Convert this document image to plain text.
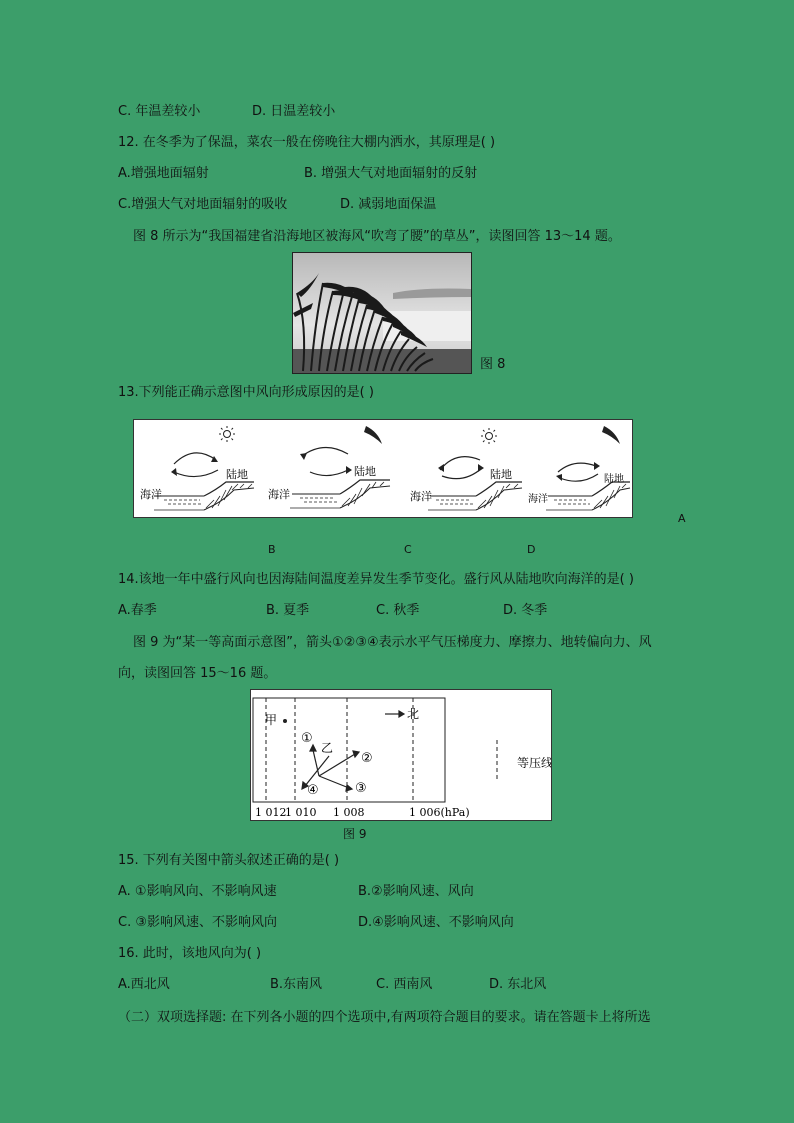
C. 年温差较小	D. 日温差较小
12. 在冬季为了保温，菜农一般在傍晚往大棚内洒水，其原理是( )
A.增强地面辐射	B. 增强大气对地面辐射的反射
C.增强大气对地面辐射的吸收	D. 减弱地面保温
图 8 所示为“我国福建省沿海地区被海风“吹弯了腰”的草丛”，读图回答 13～14 题。
图 8
13.下列能正确示意图中风向形成原因的是( )
海洋
陆地
海洋
陆地
海洋
陆地
海洋
陆地
A
B	C	D
14.该地一年中盛行风向也因海陆间温度差异发生季节变化。盛行风从陆地吹向海洋的是( )
A.春季	B. 夏季	C. 秋季	D. 冬季
图 9 为“某一等高面示意图”，箭头①②③④表示水平气压梯度力、摩擦力、地转偏向力、风
向，读图回答 15～16 题。
甲
乙
北
①
②
③
④
等压线
1 012
1 010 1 008	1 006(hPa)
图 9
15. 下列有关图中箭头叙述正确的是( )
A. ①影响风向、不影响风速	B.②影响风速、风向
C. ③影响风速、不影响风向	D.④影响风速、不影响风向
16. 此时，该地风向为( )
A.西北风	B.东南风	C. 西南风	D. 东北风
（二）双项选择题: 在下列各小题的四个选项中,有两项符合题目的要求。请在答题卡上将所选
